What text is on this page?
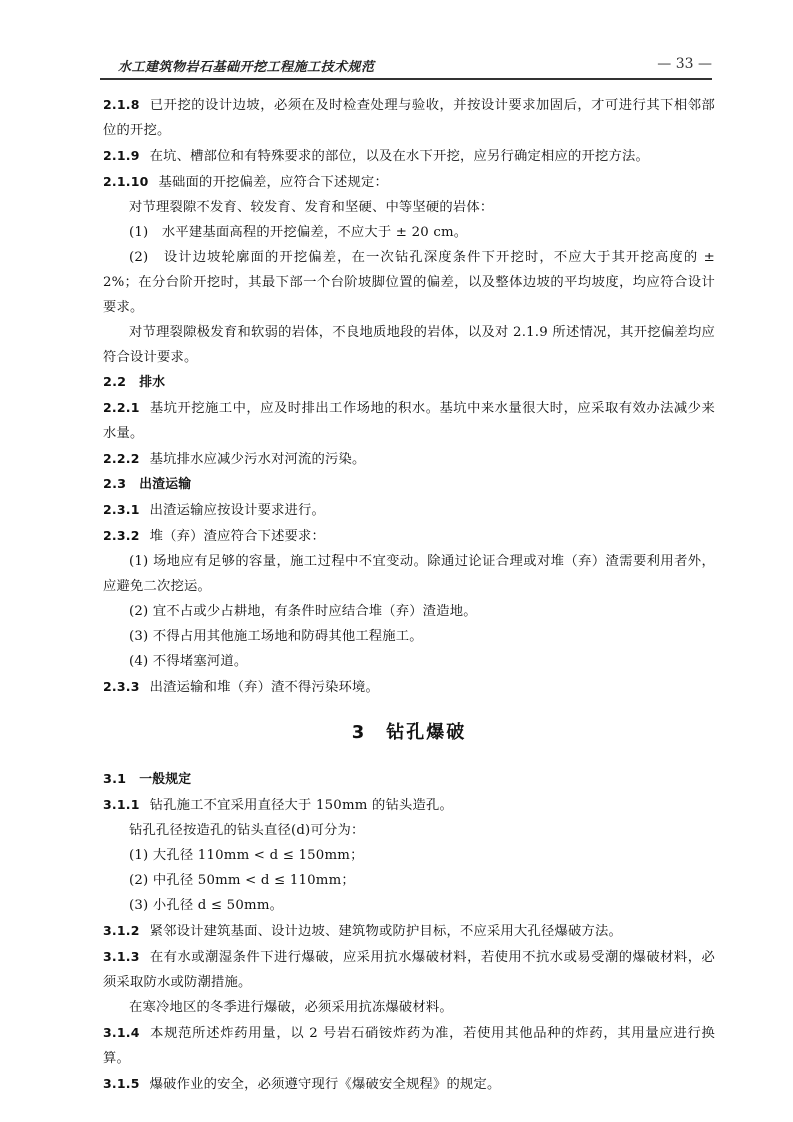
水工建筑物岩石基础开挖工程施工技术规范	— 33 —

2.1.8 已开挖的设计边坡，必须在及时检查处理与验收，并按设计要求加固后，才可进行其下相邻部位的开挖。

2.1.9 在坑、槽部位和有特殊要求的部位，以及在水下开挖，应另行确定相应的开挖方法。

2.1.10 基础面的开挖偏差，应符合下述规定：

对节理裂隙不发育、较发育、发育和坚硬、中等坚硬的岩体：

(1)　水平建基面高程的开挖偏差，不应大于 ± 20 cm。

(2)　设计边坡轮廓面的开挖偏差，在一次钻孔深度条件下开挖时，不应大于其开挖高度的 ± 2%；在分台阶开挖时，其最下部一个台阶坡脚位置的偏差，以及整体边坡的平均坡度，均应符合设计要求。

对节理裂隙极发育和软弱的岩体，不良地质地段的岩体，以及对 2.1.9 所述情况，其开挖偏差均应符合设计要求。

2.2　排水

2.2.1 基坑开挖施工中，应及时排出工作场地的积水。基坑中来水量很大时，应采取有效办法减少来水量。

2.2.2 基坑排水应减少污水对河流的污染。

2.3　出渣运输

2.3.1 出渣运输应按设计要求进行。

2.3.2 堆（弃）渣应符合下述要求：

(1) 场地应有足够的容量，施工过程中不宜变动。除通过论证合理或对堆（弃）渣需要利用者外，应避免二次挖运。

(2) 宜不占或少占耕地，有条件时应结合堆（弃）渣造地。

(3) 不得占用其他施工场地和防碍其他工程施工。

(4) 不得堵塞河道。

2.3.3 出渣运输和堆（弃）渣不得污染环境。

3　钻孔爆破

3.1　一般规定

3.1.1 钻孔施工不宜采用直径大于 150mm 的钻头造孔。

钻孔孔径按造孔的钻头直径(d)可分为：

(1) 大孔径 110mm < d ≤ 150mm；

(2) 中孔径 50mm < d ≤ 110mm；

(3) 小孔径 d ≤ 50mm。

3.1.2 紧邻设计建筑基面、设计边坡、建筑物或防护目标，不应采用大孔径爆破方法。

3.1.3 在有水或潮湿条件下进行爆破，应采用抗水爆破材料，若使用不抗水或易受潮的爆破材料，必须采取防水或防潮措施。

在寒冷地区的冬季进行爆破，必须采用抗冻爆破材料。

3.1.4 本规范所述炸药用量，以 2 号岩石硝铵炸药为准，若使用其他品种的炸药，其用量应进行换算。

3.1.5 爆破作业的安全，必须遵守现行《爆破安全规程》的规定。
